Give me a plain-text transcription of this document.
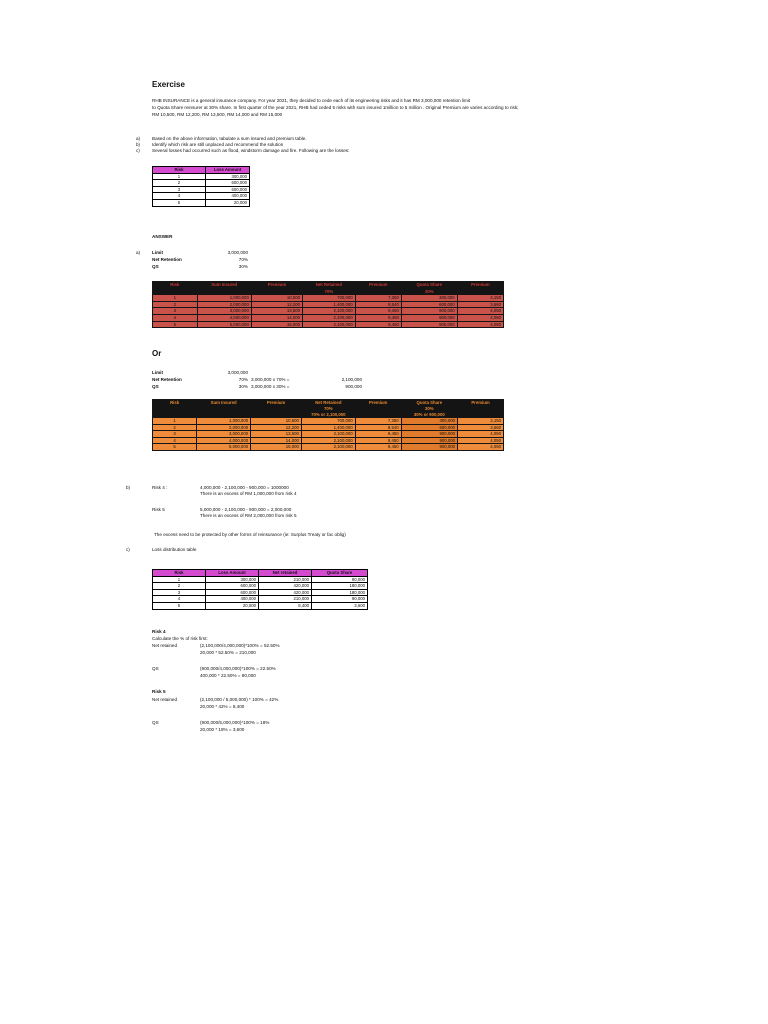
Exercise
RHB INSURANCE is a general insurance company. For year 2021, they decided to cede each of its engineering risks and it has RM 3,000,000 retention limit
to Quota Share reinsurer at 30% share. In first quarter of the year 2021, RHB had ceded 5 risks with sum insured 1million to 5 million . Original Premium are varies according to risk;
RM 10,500, RM 12,200, RM 13,500, RM 14,000 and RM 15,000
a)	Based on the above information, tabulate a sum insured and premium table.
b)	Identify which risk are still unplaced and recommend the solution
c)	Several losses had occurred such as flood, windstorm damage and fire. Following are the losses:
Risk	Loss Amount
1	300,000
2	600,000
3	600,000
4	400,000
5	20,000
ANSWER
a)	Limit	3,000,000
Net Retention	70%
QS	30%
Risk	Sum Insured	Premium	Net Retained	Premium	Quota Share	Premium
			70%		30%	
1	1,000,000	10,500	700,000	7,350	300,000	3,150
2	2,000,000	12,200	1,400,000	8,540	600,000	3,660
3	3,000,000	13,500	2,100,000	9,450	900,000	4,050
4	4,000,000	14,000	2,100,000	9,450	900,000	4,050
5	5,000,000	15,000	2,100,000	9,450	900,000	4,050
Or
Limit	3,000,000
Net Retention	70% 3,000,000 x 70% =	2,100,000
QS	30% 3,000,000 x 30% =	900,000
Risk	Sum Insured	Premium	Net Retained	Premium	Quota Share	Premium
			70%		30%	
			70% or 2,100,000		30% or 900,000	
1	1,000,000	10,500	700,000	7,350	300,000	3,150
2	2,000,000	12,200	1,400,000	8,540	600,000	3,660
3	3,000,000	13,500	2,100,000	9,450	900,000	4,050
4	4,000,000	14,000	2,100,000	9,450	900,000	4,050
5	5,000,000	15,000	2,100,000	9,450	900,000	4,050
b)	Risk 4 :	4,000,000 - 2,100,000 - 900,000 = 1000000
There is an excess of RM 1,000,000 from risk 4
Risk 5	5,000,000 - 2,100,000 - 900,000 = 2,000,000
There is an excess of RM 2,000,000 from risk 5
The excess need to be protected by other forms of reinsurance (ie: Surplus Treaty or fac oblig)
c)	Loss distribution table
Risk	Loss Amount	Net retained	Quota Share
1	300,000	210,000	90,000
2	600,000	420,000	180,000
3	600,000	420,000	180,000
4	400,000	210,000	90,000
5	20,000	8,400	3,600
Risk 4
Calculate the % of risk first:
Net retained	(2,100,000/4,000,000)*100% = 52.50%
20,000 * 52.50% = 210,000
QS	(900,000/4,000,000)*100% = 22.50%
400,000 * 22.50% = 90,000
Risk 5
Net retained	(2,100,000 / 5,000,000) * 100% = 42%
20,000 * 42% = 8,400
QS	(900,000/5,000,000)*100% = 18%
20,000 * 18% = 3,600
